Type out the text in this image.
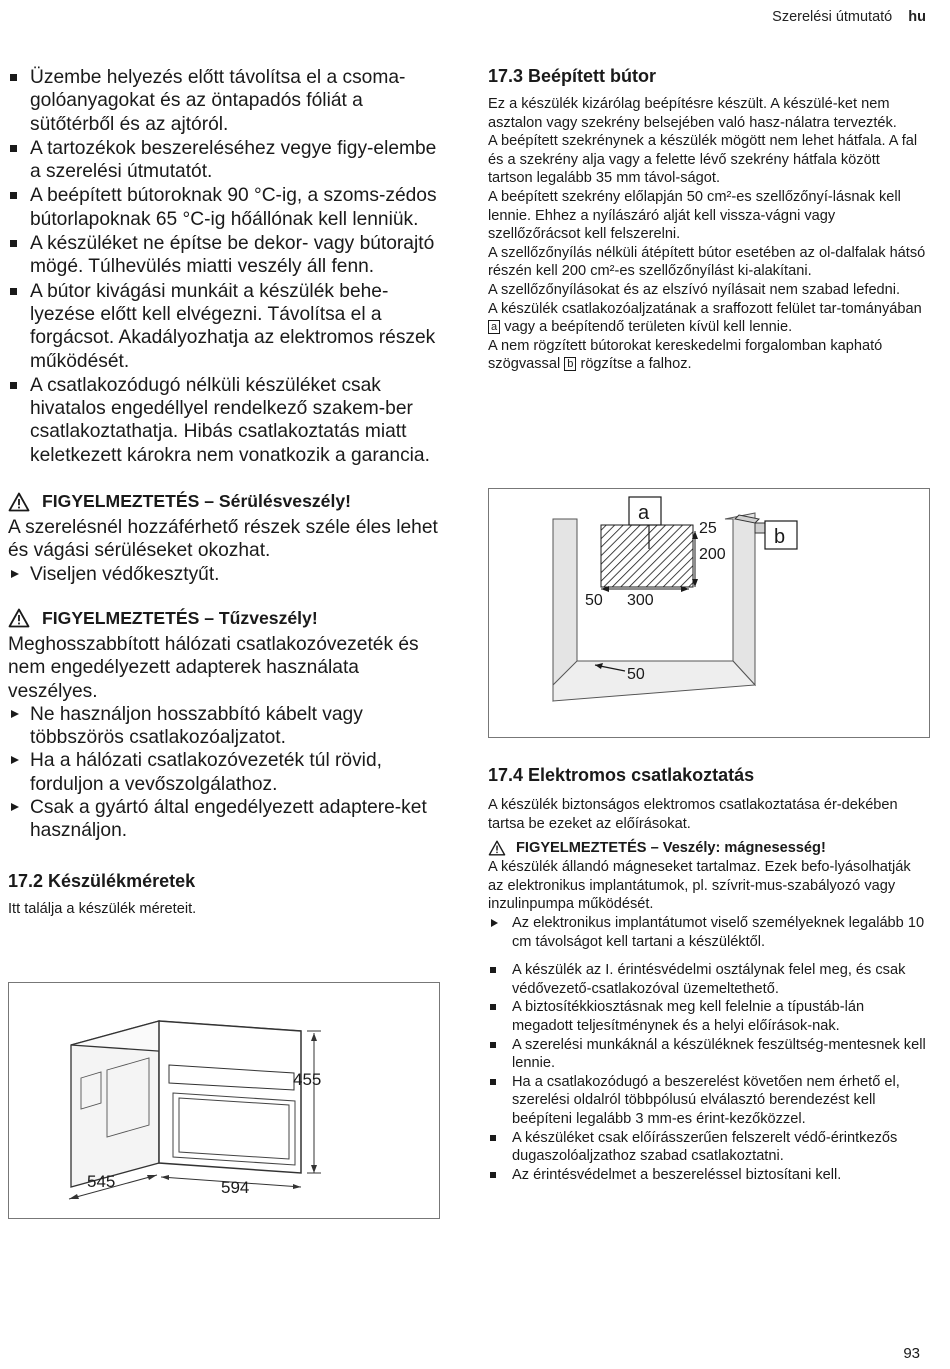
Szerelési útmutató hu
Üzembe helyezés előtt távolítsa el a csoma-golóanyagokat és az öntapadós fóliát a sütőtérből és az ajtóról.
A tartozékok beszereléséhez vegye figy-elembe a szerelési útmutatót.
A beépített bútoroknak 90 °C-ig, a szoms-zédos bútorlapoknak 65 °C-ig hőállónak kell lenniük.
A készüléket ne építse be dekor- vagy bútorajtó mögé. Túlhevülés miatti veszély áll fenn.
A bútor kivágási munkáit a készülék behe-lyezése előtt kell elvégezni. Távolítsa el a forgácsot. Akadályozhatja az elektromos részek működését.
A csatlakozódugó nélküli készüléket csak hivatalos engedéllyel rendelkező szakem-ber csatlakoztathatja. Hibás csatlakoztatás miatt keletkezett károkra nem vonatkozik a garancia.
FIGYELMEZTETÉS – Sérülésveszély!

A szerelésnél hozzáférhető részek széle éles lehet és vágási sérüléseket okozhat.

Viseljen védőkesztyűt.
FIGYELMEZTETÉS – Tűzveszély!

Meghosszabbított hálózati csatlakozóvezeték és nem engedélyezett adapterek használata veszélyes.

Ne használjon hosszabbító kábelt vagy többszörös csatlakozóaljzatot.
Ha a hálózati csatlakozóvezeték túl rövid, forduljon a vevőszolgálathoz.
Csak a gyártó által engedélyezett adaptere-ket használjon.
17.2 Készülékméretek

Itt találja a készülék méreteit.

455
545	594
17.3 Beépített bútor

Ez a készülék kizárólag beépítésre készült. A készülé-ket nem asztalon vagy szekrény belsejében való hasz-nálatra tervezték.

A beépített szekrénynek a készülék mögött nem lehet hátfala. A fal és a szekrény alja vagy a felette lévő szekrény hátfala között tartson legalább 35 mm távol-ságot.

A beépített szekrény előlapján 50 cm²-es szellőzőnyí-lásnak kell lennie. Ehhez a nyílászáró alját kell vissza-vágni vagy szellőzőrácsot kell felszerelni.

A szellőzőnyílás nélküli átépített bútor esetében az ol-dalfalak hátsó részén kell 200 cm²-es szellőzőnyílást ki-alakítani.

A szellőzőnyílásokat és az elszívó nyílásait nem szabad lefedni.

A készülék csatlakozóaljzatának a sraffozott felület tar-tományában a vagy a beépítendő területen kívül kell lennie.

A nem rögzített bútorokat kereskedelmi forgalomban kapható szögvassal b rögzítse a falhoz.

a
b
25
200
50 300
50
17.4 Elektromos csatlakoztatás

A készülék biztonságos elektromos csatlakoztatása ér-dekében tartsa be ezeket az előírásokat.

FIGYELMEZTETÉS – Veszély: mágnesesség!

A készülék állandó mágneseket tartalmaz. Ezek befo-lyásolhatják az elektronikus implantátumok, pl. szívrit-mus-szabályozó vagy inzulinpumpa működését.

Az elektronikus implantátumot viselő személyeknek legalább 10 cm távolságot kell tartani a készüléktől.
A készülék az I. érintésvédelmi osztálynak felel meg, és csak védővezető-csatlakozóval üzemeltethető.
A biztosítékkiosztásnak meg kell felelnie a típustáb-lán megadott teljesítménynek és a helyi előírások-nak.
A szerelési munkáknál a készüléknek feszültség-mentesnek kell lennie.
Ha a csatlakozódugó a beszerelést követően nem érhető el, szerelési oldalról többpólusú elválasztó berendezést kell beépíteni legalább 3 mm-es érint-kezőközzel.
A készüléket csak előírásszerűen felszerelt védő-érintkezős dugaszolóaljzathoz szabad csatlakoztatni.
Az érintésvédelmet a beszereléssel biztosítani kell.
93
